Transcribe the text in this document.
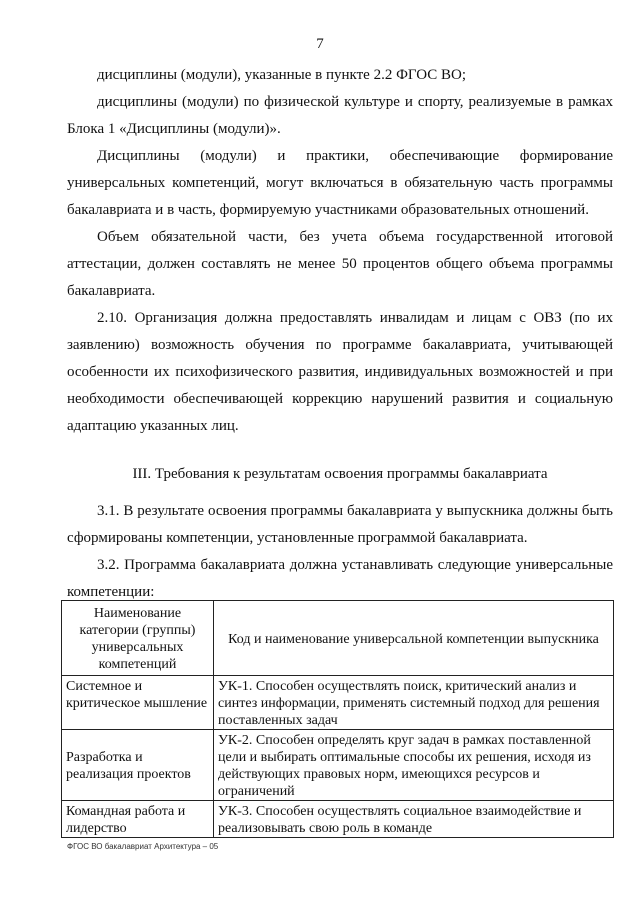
7

дисциплины (модули), указанные в пункте 2.2 ФГОС ВО;

дисциплины (модули) по физической культуре и спорту, реализуемые в рамках Блока 1 «Дисциплины (модули)».

Дисциплины (модули) и практики, обеспечивающие формирование универсальных компетенций, могут включаться в обязательную часть программы бакалавриата и в часть, формируемую участниками образовательных отношений.

Объем обязательной части, без учета объема государственной итоговой аттестации, должен составлять не менее 50 процентов общего объема программы бакалавриата.

2.10. Организация должна предоставлять инвалидам и лицам с ОВЗ (по их заявлению) возможность обучения по программе бакалавриата, учитывающей особенности их психофизического развития, индивидуальных возможностей и при необходимости обеспечивающей коррекцию нарушений развития и социальную адаптацию указанных лиц.

III. Требования к результатам освоения программы бакалавриата

3.1. В результате освоения программы бакалавриата у выпускника должны быть сформированы компетенции, установленные программой бакалавриата.

3.2. Программа бакалавриата должна устанавливать следующие универсальные компетенции:

Наименование категории (группы) универсальных компетенций	Код и наименование универсальной компетенции выпускника
Системное и критическое мышление	УК-1. Способен осуществлять поиск, критический анализ и синтез информации, применять системный подход для решения поставленных задач
Разработка и реализация проектов	УК-2. Способен определять круг задач в рамках поставленной цели и выбирать оптимальные способы их решения, исходя из действующих правовых норм, имеющихся ресурсов и ограничений
Командная работа и лидерство	УК-3. Способен осуществлять социальное взаимодействие и реализовывать свою роль в команде
ФГОС ВО бакалавриат Архитектура – 05
